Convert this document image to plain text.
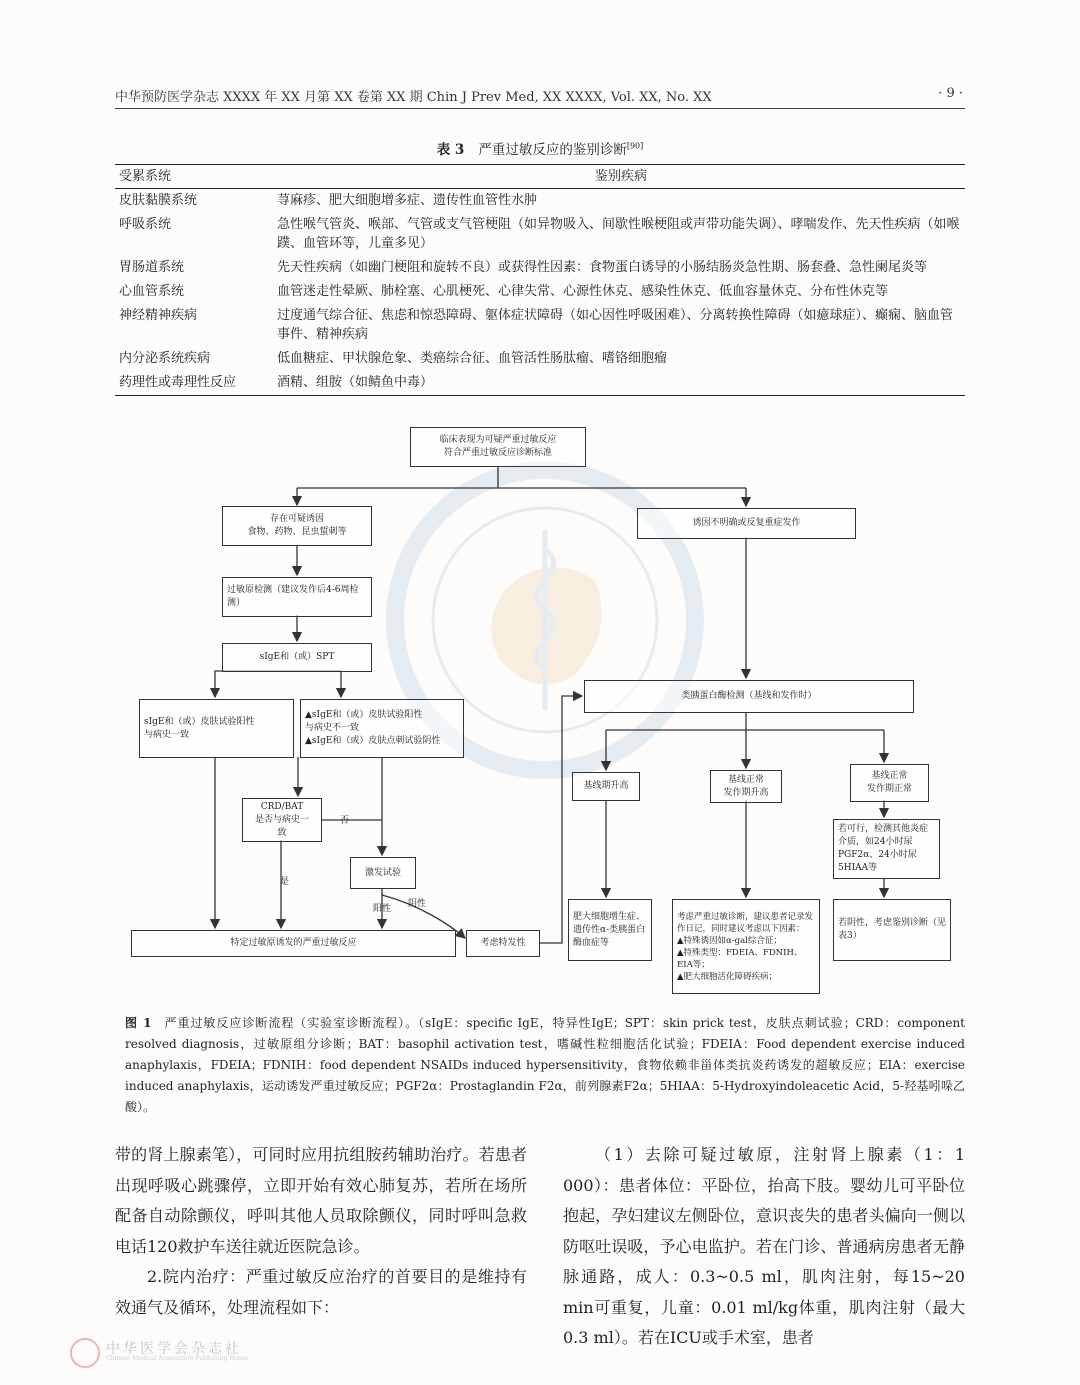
中华预防医学杂志 XXXX 年 XX 月第 XX 卷第 XX 期 Chin J Prev Med, XX XXXX, Vol. XX, No. XX	· 9 ·
表 3 严重过敏反应的鉴别诊断[90]
受累系统	鉴别疾病
皮肤黏膜系统	荨麻疹、肥大细胞增多症、遗传性血管性水肿
呼吸系统	急性喉气管炎、喉部、气管或支气管梗阻（如异物吸入、间歇性喉梗阻或声带功能失调）、哮喘发作、先天性疾病（如喉蹼、血管环等，儿童多见）
胃肠道系统	先天性疾病（如幽门梗阻和旋转不良）或获得性因素：食物蛋白诱导的小肠结肠炎急性期、肠套叠、急性阑尾炎等
心血管系统	血管迷走性晕厥、肺栓塞、心肌梗死、心律失常、心源性休克、感染性休克、低血容量休克、分布性休克等
神经精神疾病	过度通气综合征、焦虑和惊恐障碍、躯体症状障碍（如心因性呼吸困难）、分离转换性障碍（如癔球症）、癫痫、脑血管事件、精神疾病
内分泌系统疾病	低血糖症、甲状腺危象、类癌综合征、血管活性肠肽瘤、嗜铬细胞瘤
药理性或毒理性反应	酒精、组胺（如鲭鱼中毒）
临床表现为可疑严重过敏反应
符合严重过敏反应诊断标准
存在可疑诱因
食物、药物、昆虫蜇刺等
诱因不明确或反复重症发作
过敏原检测（建议发作后4-6周检测）
sIgE和（或）SPT
sIgE和（或）皮肤试验阳性
与病史一致
▲sIgE和（或）皮肤试验阳性
与病史不一致
▲sIgE和（或）皮肤点刺试验阴性
CRD/BAT
是否与病史一
致
激发试验
特定过敏原诱发的严重过敏反应	考虑特发性
类胰蛋白酶检测（基线和发作时）
基线期升高
基线正常
发作期升高
基线正常
发作期正常
肥大细胞增生症、遗传性α-类胰蛋白酶血症等
考虑严重过敏诊断，建议患者记录发作日记，同时建议考虑以下因素：
▲特殊诱因如α-gal综合征；
▲特殊类型：FDEIA、FDNIH、EIA等；
▲肥大细胞活化障碍疾病；
若可行，检测其他炎症介质，如24小时尿PGF2α、24小时尿5HIAA等
若阴性，考虑鉴别诊断（见表3）
否
是
阳性 阴性
图 1 严重过敏反应诊断流程（实验室诊断流程）。（sIgE：specific IgE，特异性IgE；SPT：skin prick test，皮肤点刺试验；CRD：component resolved diagnosis，过敏原组分诊断；BAT：basophil activation test，嗜碱性粒细胞活化试验；FDEIA：Food dependent exercise induced anaphylaxis，FDEIA；FDNIH：food dependent NSAIDs induced hypersensitivity，食物依赖非甾体类抗炎药诱发的超敏反应；EIA：exercise induced anaphylaxis，运动诱发严重过敏反应；PGF2α：Prostaglandin F2α，前列腺素F2α；5HIAA：5-Hydroxyindoleacetic Acid，5-羟基吲哚乙酸）。

带的肾上腺素笔），可同时应用抗组胺药辅助治疗。若患者出现呼吸心跳骤停，立即开始有效心肺复苏，若所在场所配备自动除颤仪，呼叫其他人员取除颤仪，同时呼叫急救电话120救护车送往就近医院急诊。

2.院内治疗：严重过敏反应治疗的首要目的是维持有效通气及循环，处理流程如下：

（1）去除可疑过敏原，注射肾上腺素（1：1 000）：患者体位：平卧位，抬高下肢。婴幼儿可平卧位抱起，孕妇建议左侧卧位，意识丧失的患者头偏向一侧以防呕吐误吸，予心电监护。若在门诊、普通病房患者无静脉通路，成人：0.3~0.5 ml，肌肉注射，每15~20 min可重复，儿童：0.01 ml/kg体重，肌肉注射（最大0.3 ml）。若在ICU或手术室，患者

中华医学会杂志社
Chinese Medical Association Publishing House
